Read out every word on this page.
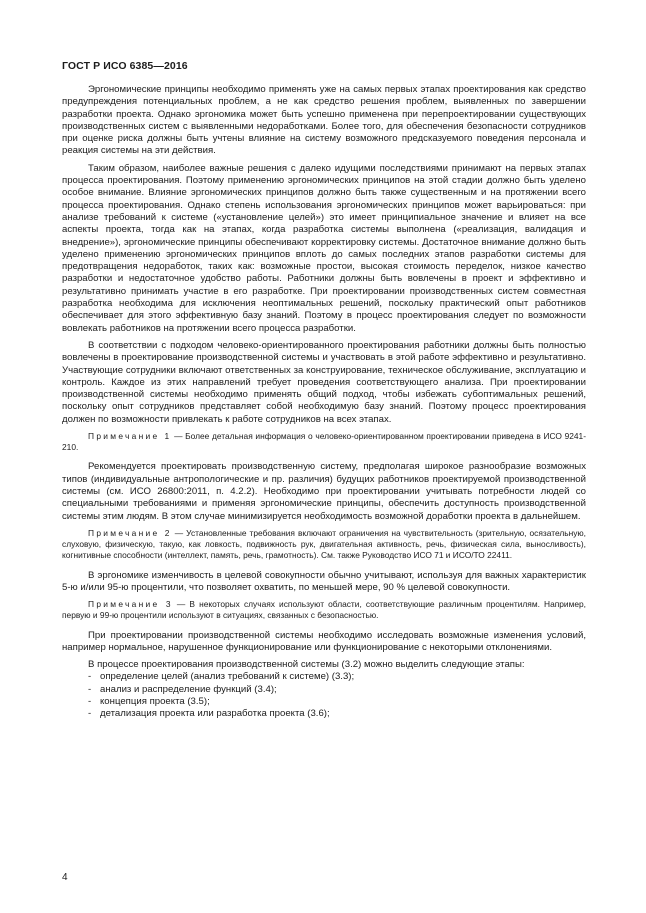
ГОСТ Р ИСО 6385—2016

Эргономические принципы необходимо применять уже на самых первых этапах проектирования как средство предупреждения потенциальных проблем, а не как средство решения проблем, выявленных по завершении разработки проекта. Однако эргономика может быть успешно применена при перепроектировании существующих производственных систем с выявленными недоработками. Более того, для обеспечения безопасности сотрудников при оценке риска должны быть учтены влияние на систему возможного предсказуемого поведения персонала и реакция системы на эти действия.

Таким образом, наиболее важные решения с далеко идущими последствиями принимают на первых этапах процесса проектирования. Поэтому применению эргономических принципов на этой стадии должно быть уделено особое внимание. Влияние эргономических принципов должно быть также существенным и на протяжении всего процесса проектирования. Однако степень использования эргономических принципов может варьироваться: при анализе требований к системе («установление целей») это имеет принципиальное значение и влияет на все аспекты проекта, тогда как на этапах, когда разработка системы выполнена («реализация, валидация и внедрение»), эргономические принципы обеспечивают корректировку системы. Достаточное внимание должно быть уделено применению эргономических принципов вплоть до самых последних этапов разработки системы для предотвращения недоработок, таких как: возможные простои, высокая стоимость переделок, низкое качество разработки и недостаточное удобство работы. Работники должны быть вовлечены в проект и эффективно и результативно принимать участие в его разработке. При проектировании производственных систем совместная разработка необходима для исключения неоптимальных решений, поскольку практический опыт работников обеспечивает для этого эффективную базу знаний. Поэтому в процесс проектирования следует по возможности вовлекать работников на протяжении всего процесса разработки.

В соответствии с подходом человеко-ориентированного проектирования работники должны быть полностью вовлечены в проектирование производственной системы и участвовать в этой работе эффективно и результативно. Участвующие сотрудники включают ответственных за конструирование, техническое обслуживание, эксплуатацию и контроль. Каждое из этих направлений требует проведения соответствующего анализа. При проектировании производственной системы необходимо применять общий подход, чтобы избежать субоптимальных решений, поскольку опыт сотрудников представляет собой необходимую базу знаний. Поэтому процесс проектирования должен по возможности привлекать к работе сотрудников на всех этапах.

Примечание 1 — Более детальная информация о человеко-ориентированном проектировании приведена в ИСО 9241-210.

Рекомендуется проектировать производственную систему, предполагая широкое разнообразие возможных типов (индивидуальные антропологические и пр. различия) будущих работников проектируемой производственной системы (см. ИСО 26800:2011, п. 4.2.2). Необходимо при проектировании учитывать потребности людей со специальными требованиями и применяя эргономические принципы, обеспечить доступность производственной системы этим людям. В этом случае минимизируется необходимость возможной доработки проекта в дальнейшем.

Примечание 2 — Установленные требования включают ограничения на чувствительность (зрительную, осязательную, слуховую, физическую, такую, как ловкость, подвижность рук, двигательная активность, речь, физическая сила, выносливость), когнитивные способности (интеллект, память, речь, грамотность). См. также Руководство ИСО 71 и ИСО/ТО 22411.

В эргономике изменчивость в целевой совокупности обычно учитывают, используя для важных характеристик 5-ю и/или 95-ю процентили, что позволяет охватить, по меньшей мере, 90 % целевой совокупности.

Примечание 3 — В некоторых случаях используют области, соответствующие различным процентилям. Например, первую и 99-ю процентили используют в ситуациях, связанных с безопасностью.

При проектировании производственной системы необходимо исследовать возможные изменения условий, например нормальное, нарушенное функционирование или функционирование с некоторыми отклонениями.

В процессе проектирования производственной системы (3.2) можно выделить следующие этапы:

- определение целей (анализ требований к системе) (3.3);
- анализ и распределение функций (3.4);
- концепция проекта (3.5);
- детализация проекта или разработка проекта (3.6);
4
